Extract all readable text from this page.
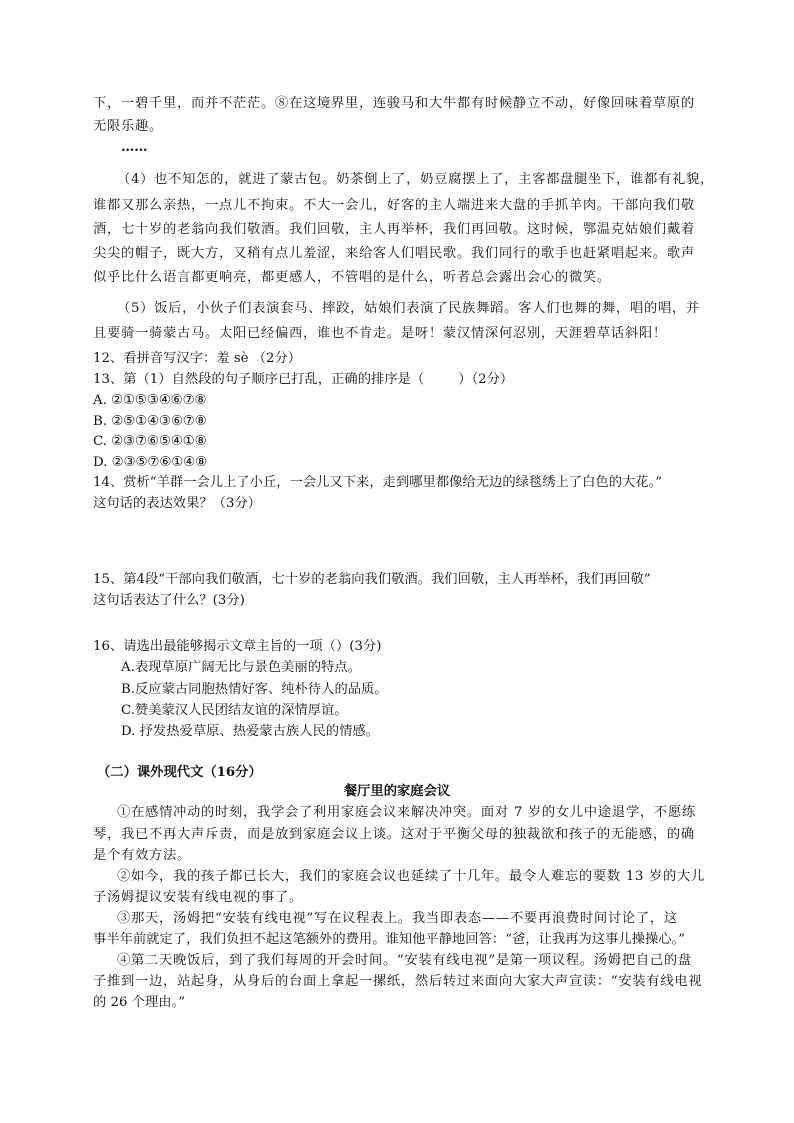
下，一碧千里，而并不茫茫。⑧在这境界里，连骏马和大牛都有时候静立不动，好像回味着草原的
无限乐趣。
……
（4）也不知怎的，就进了蒙古包。奶茶倒上了，奶豆腐摆上了，主客都盘腿坐下，谁都有礼貌，
谁都又那么亲热，一点儿不拘束。不大一会儿，好客的主人端进来大盘的手抓羊肉。干部向我们敬
酒，七十岁的老翁向我们敬酒。我们回敬，主人再举杯，我们再回敬。这时候，鄂温克姑娘们戴着
尖尖的帽子，既大方，又稍有点儿羞涩，来给客人们唱民歌。我们同行的歌手也赶紧唱起来。歌声
似乎比什么语言都更响亮，都更感人，不管唱的是什么，听者总会露出会心的微笑。
（5）饭后，小伙子们表演套马、摔跤，姑娘们表演了民族舞蹈。客人们也舞的舞，唱的唱，并
且要骑一骑蒙古马。太阳已经偏西，谁也不肯走。是呀！蒙汉情深何忍别，天涯碧草话斜阳！
12、看拼音写汉字：羞 sè （2分）
13、第（1）自然段的句子顺序已打乱，正确的排序是（	）（2分）
A. ②①⑤③④⑥⑦⑧
B. ②⑤①④③⑥⑦⑧
C. ②③⑦⑥⑤④①⑧
D. ②③⑤⑦⑥①④⑧
14、赏析“羊群一会儿上了小丘，一会儿又下来，走到哪里都像给无边的绿毯绣上了白色的大花。”
这句话的表达效果？（3分）
15、第4段“干部向我们敬酒，七十岁的老翁向我们敬酒。我们回敬，主人再举杯，我们再回敬”
这句话表达了什么？(3分)
16、请选出最能够揭示文章主旨的一项（）(3分)
A.表现草原广阔无比与景色美丽的特点。
B.反应蒙古同胞热情好客、纯朴待人的品质。
C.赞美蒙汉人民团结友谊的深情厚谊。
D. 抒发热爱草原、热爱蒙古族人民的情感。
（二）课外现代文（16分）
餐厅里的家庭会议
①在感情冲动的时刻，我学会了利用家庭会议来解决冲突。面对 7 岁的女儿中途退学，不愿练
琴，我已不再大声斥责，而是放到家庭会议上谈。这对于平衡父母的独裁欲和孩子的无能感，的确
是个有效方法。
②如今，我的孩子都已长大，我们的家庭会议也延续了十几年。最令人难忘的要数 13 岁的大儿
子汤姆提议安装有线电视的事了。
③那天，汤姆把“安装有线电视”写在议程表上。我当即表态——不要再浪费时间讨论了，这
事半年前就定了，我们负担不起这笔额外的费用。谁知他平静地回答：“爸，让我再为这事儿操操心。”
④第二天晚饭后，到了我们每周的开会时间。“安装有线电视”是第一项议程。汤姆把自己的盘
子推到一边，站起身，从身后的台面上拿起一摞纸，然后转过来面向大家大声宣读：“安装有线电视
的 26 个理由。”
